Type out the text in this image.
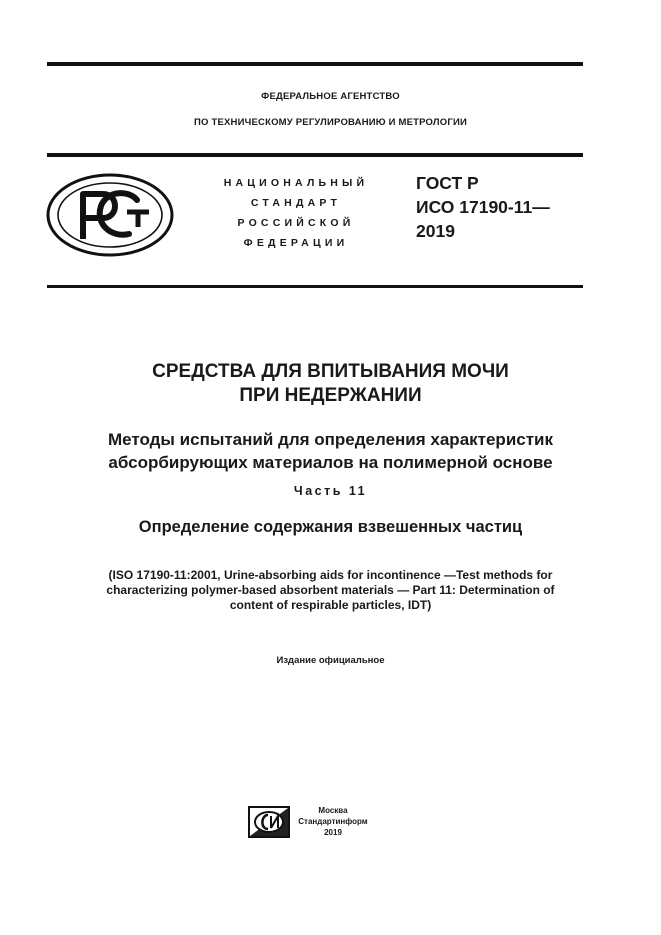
ФЕДЕРАЛЬНОЕ АГЕНТСТВО
ПО ТЕХНИЧЕСКОМУ РЕГУЛИРОВАНИЮ И МЕТРОЛОГИИ
НАЦИОНАЛЬНЫЙ
СТАНДАРТ
РОССИЙСКОЙ
ФЕДЕРАЦИИ
ГОСТ Р
ИСО 17190-11—
2019
СРЕДСТВА ДЛЯ ВПИТЫВАНИЯ МОЧИ
ПРИ НЕДЕРЖАНИИ
Методы испытаний для определения характеристик
абсорбирующих материалов на полимерной основе
Часть 11
Определение содержания взвешенных частиц
(ISO 17190-11:2001, Urine-absorbing aids for incontinence —Test methods for
characterizing polymer-based absorbent materials — Part 11: Determination of
content of respirable particles, IDT)
Издание официальное
Москва
Стандартинформ
2019
